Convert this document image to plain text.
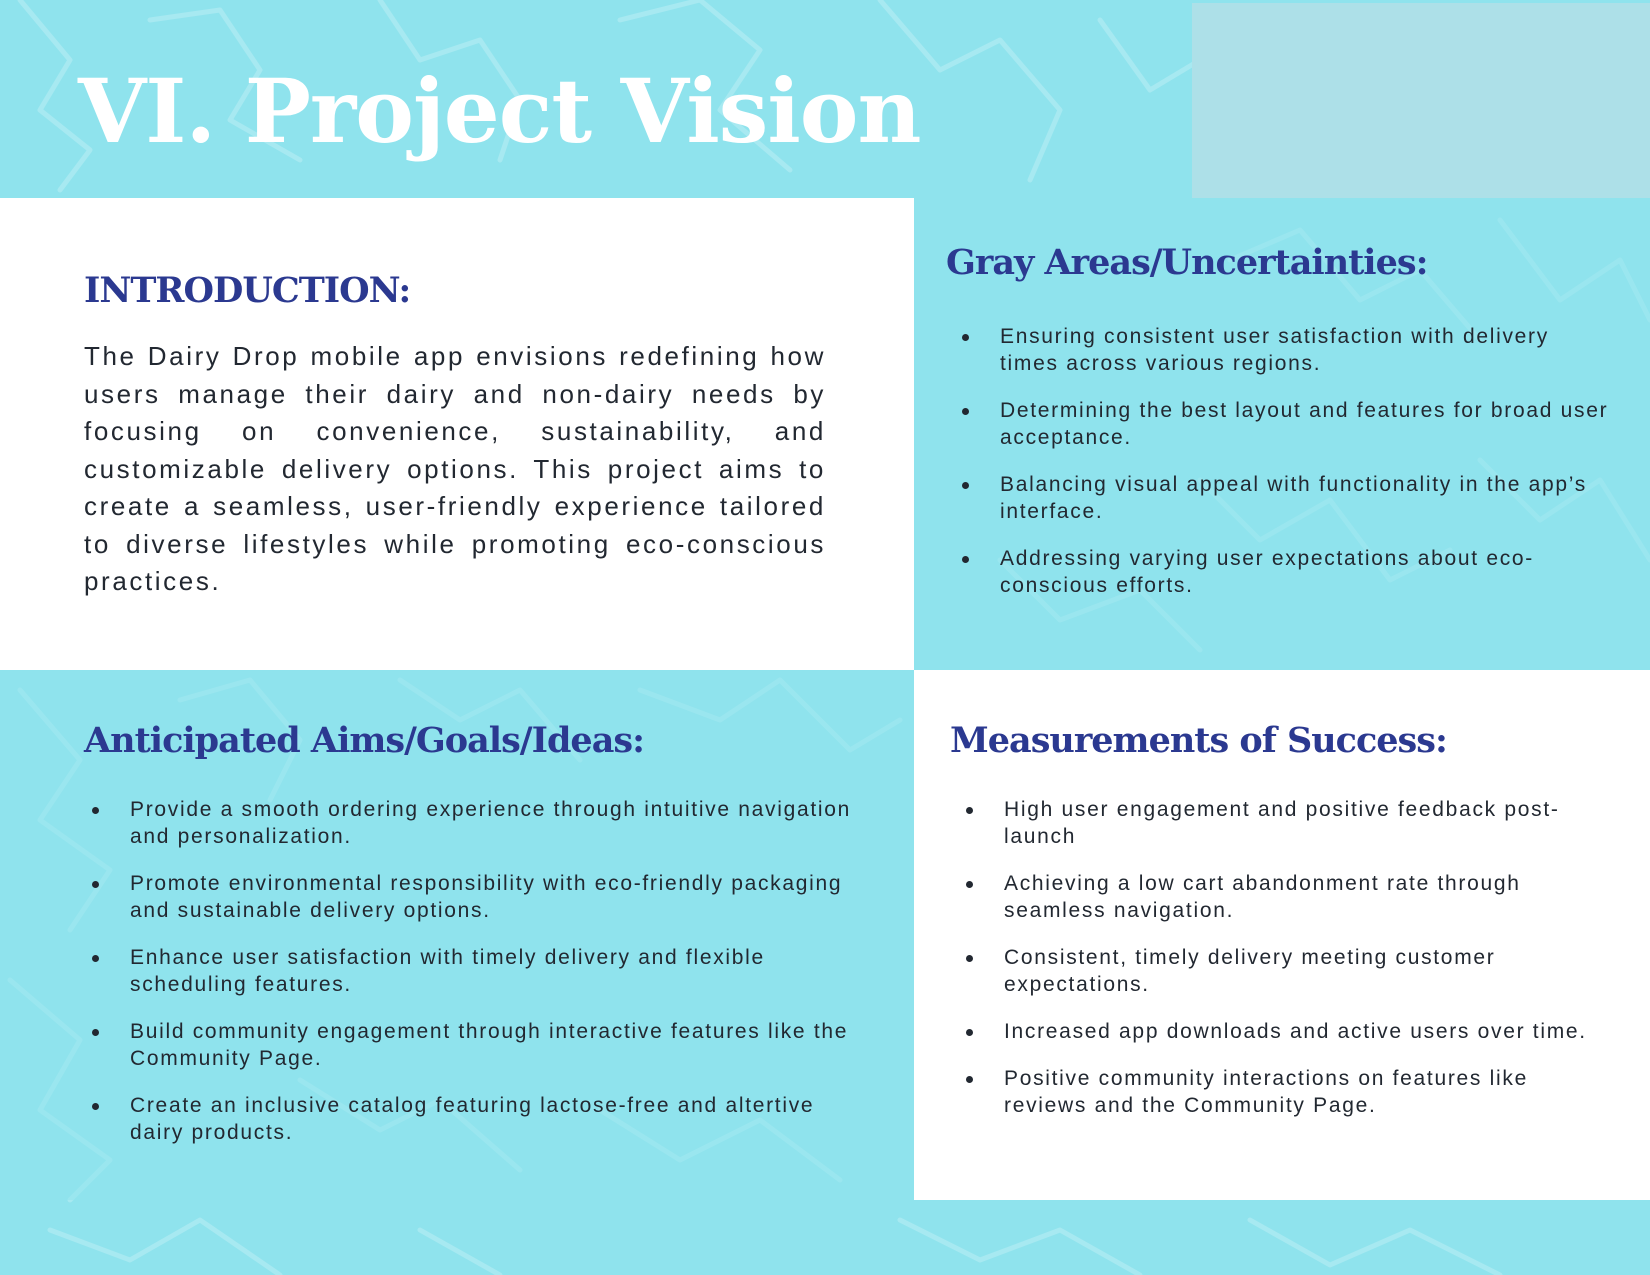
VI. Project Vision
INTRODUCTION:

The Dairy Drop mobile app envisions redefining how users manage their dairy and non-dairy needs by focusing on convenience, sustainability, and customizable delivery options. This project aims to create a seamless, user-friendly experience tailored to diverse lifestyles while promoting eco-conscious practices.

Gray Areas/Uncertainties:
Ensuring consistent user satisfaction with delivery times across various regions.
Determining the best layout and features for broad user acceptance.
Balancing visual appeal with functionality in the app’s interface.
Addressing varying user expectations about eco-conscious efforts.
Anticipated Aims/Goals/Ideas:
Provide a smooth ordering experience through intuitive navigation and personalization.
Promote environmental responsibility with eco-friendly packaging and sustainable delivery options.
Enhance user satisfaction with timely delivery and flexible scheduling features.
Build community engagement through interactive features like the Community Page.
Create an inclusive catalog featuring lactose-free and altertive dairy products.
Measurements of Success:
High user engagement and positive feedback post-launch
Achieving a low cart abandonment rate through seamless navigation.
Consistent, timely delivery meeting customer expectations.
Increased app downloads and active users over time.
Positive community interactions on features like reviews and the Community Page.
